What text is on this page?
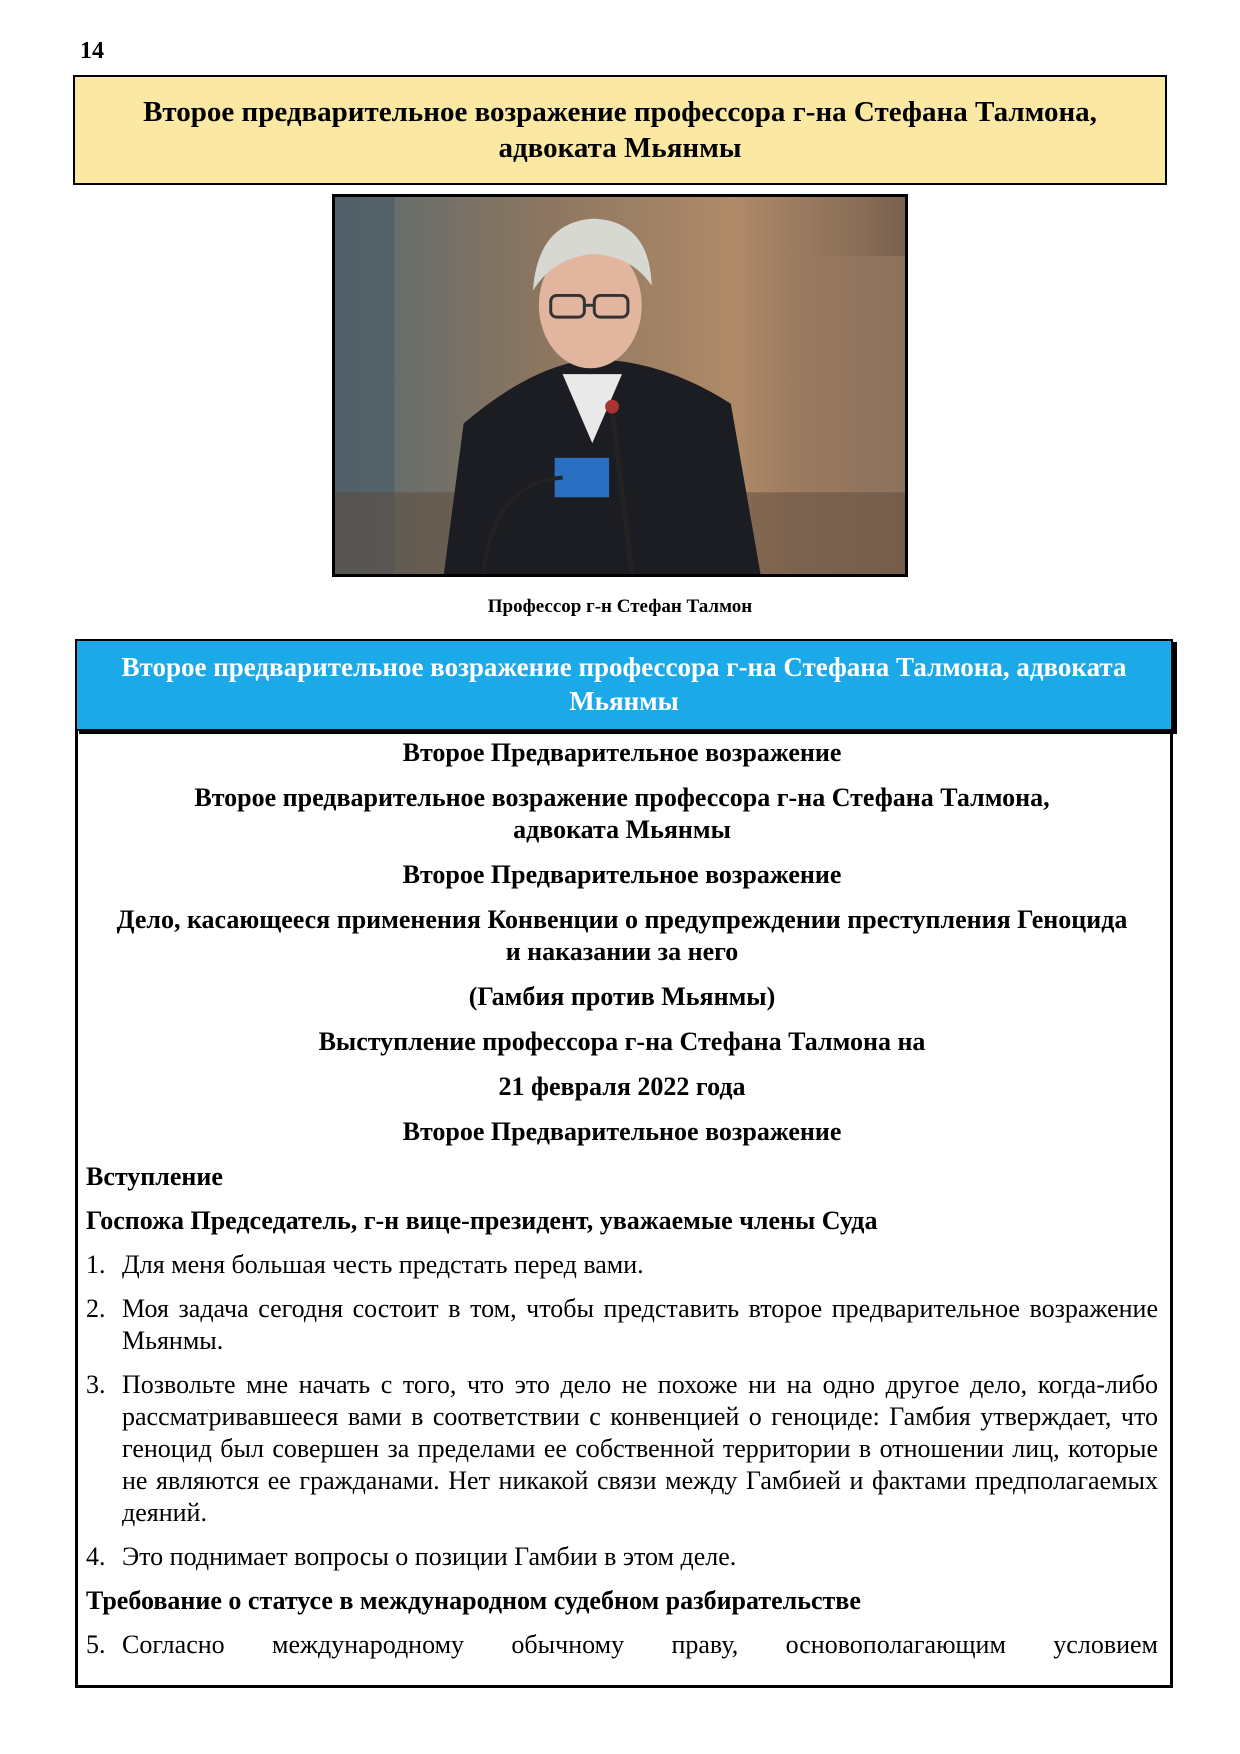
14
Второе предварительное возражение профессора г-на Стефана Талмона, адвоката Мьянмы
Профессор г-н Стефан Талмон
Второе предварительное возражение профессора г-на Стефана Талмона, адвоката Мьянмы
Второе Предварительное возражение
Второе предварительное возражение профессора г-на Стефана Талмона, адвоката Мьянмы
Второе Предварительное возражение
Дело, касающееся применения Конвенции о предупреждении преступления Геноцида и наказании за него
(Гамбия против Мьянмы)
Выступление профессора г-на Стефана Талмона на
21 февраля 2022 года
Второе Предварительное возражение
Вступление
Госпожа Председатель, г-н вице-президент, уважаемые члены Суда
1. Для меня большая честь предстать перед вами.
2. Моя задача сегодня состоит в том, чтобы представить второе предварительное возражение Мьянмы.
3. Позвольте мне начать с того, что это дело не похоже ни на одно другое дело, когда-либо рассматривавшееся вами в соответствии с конвенцией о геноциде: Гамбия утверждает, что геноцид был совершен за пределами ее собственной территории в отношении лиц, которые не являются ее гражданами. Нет никакой связи между Гамбией и фактами предполагаемых деяний.
4. Это поднимает вопросы о позиции Гамбии в этом деле.
Требование о статусе в международном судебном разбирательстве
5. Согласно международному обычному праву, основополагающим условием
